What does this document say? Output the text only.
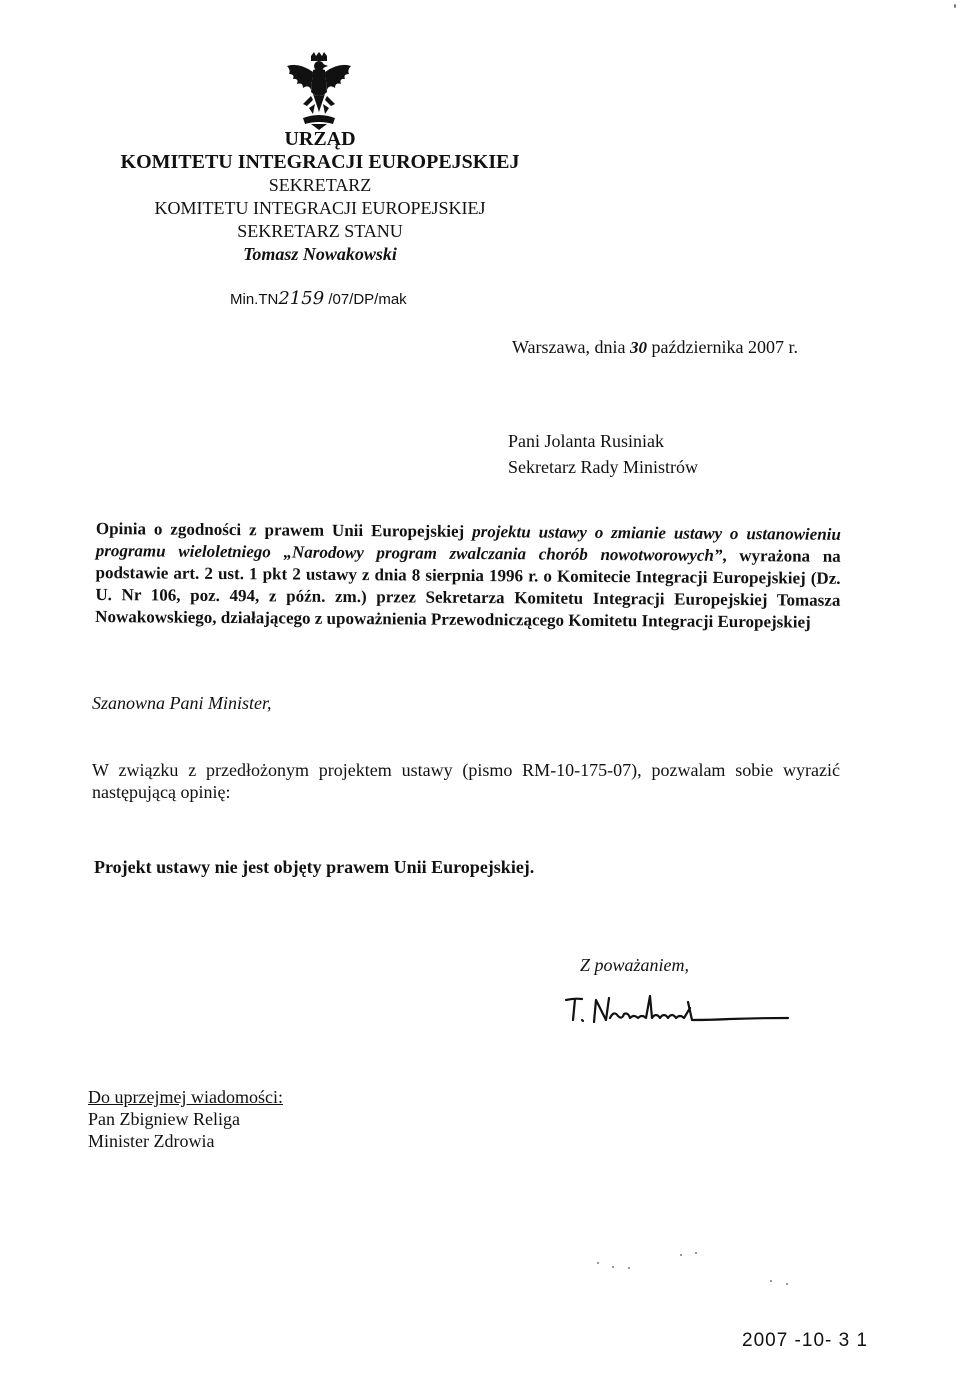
URZĄD
KOMITETU INTEGRACJI EUROPEJSKIEJ
SEKRETARZ
KOMITETU INTEGRACJI EUROPEJSKIEJ
SEKRETARZ STANU
Tomasz Nowakowski
Min.TN2159 /07/DP/mak
Warszawa, dnia 30 października 2007 r.
Pani Jolanta Rusiniak
Sekretarz Rady Ministrów
Opinia o zgodności z prawem Unii Europejskiej projektu ustawy o zmianie ustawy o ustanowieniu programu wieloletniego „Narodowy program zwalczania chorób nowotworowych”, wyrażona na podstawie art. 2 ust. 1 pkt 2 ustawy z dnia 8 sierpnia 1996 r. o Komitecie Integracji Europejskiej (Dz. U. Nr 106, poz. 494, z późn. zm.) przez Sekretarza Komitetu Integracji Europejskiej Tomasza Nowakowskiego, działającego z upoważnienia Przewodniczącego Komitetu Integracji Europejskiej
Szanowna Pani Minister,
W związku z przedłożonym projektem ustawy (pismo RM-10-175-07), pozwalam sobie wyrazić następującą opinię:
Projekt ustawy nie jest objęty prawem Unii Europejskiej.
Z poważaniem,
Do uprzejmej wiadomości:
Pan Zbigniew Religa
Minister Zdrowia
2007 -10- 3 1
